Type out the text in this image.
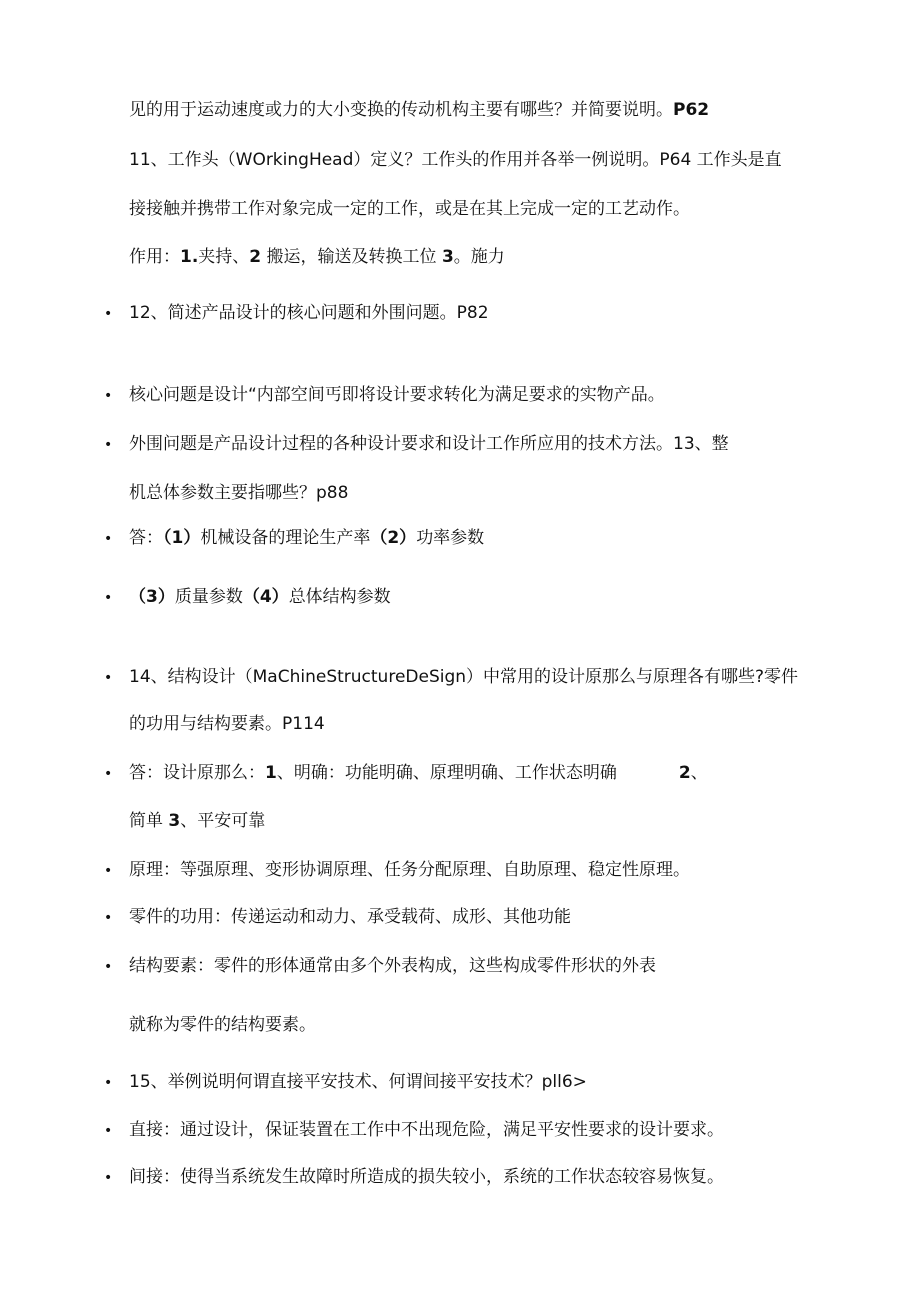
见的用于运动速度或力的大小变换的传动机构主要有哪些？并简要说明。P62
11、工作头（WOrkingHead）定义？工作头的作用并各举一例说明。P64 工作头是直
接接触并携带工作对象完成一定的工作，或是在其上完成一定的工艺动作。
作用：1.夹持、2 搬运，输送及转换工位 3。施力
• 12、简述产品设计的核心问题和外围问题。P82
• 核心问题是设计“内部空间丐即将设计要求转化为满足要求的实物产品。
• 外围问题是产品设计过程的各种设计要求和设计工作所应用的技术方法。13、整
机总体参数主要指哪些？p88
• 答：（1）机械设备的理论生产率（2）功率参数
• （3）质量参数（4）总体结构参数
• 14、结构设计（MaChineStructureDeSign）中常用的设计原那么与原理各有哪些?零件
的功用与结构要素。P114
• 答：设计原那么：1、明确：功能明确、原理明确、工作状态明确	2、
简单 3、平安可靠
• 原理：等强原理、变形协调原理、任务分配原理、自助原理、稳定性原理。
• 零件的功用：传递运动和动力、承受载荷、成形、其他功能
• 结构要素：零件的形体通常由多个外表构成，这些构成零件形状的外表
就称为零件的结构要素。
• 15、举例说明何谓直接平安技术、何谓间接平安技术？pll6>
• 直接：通过设计，保证装置在工作中不出现危险，满足平安性要求的设计要求。
• 间接：使得当系统发生故障时所造成的损失较小，系统的工作状态较容易恢复。
